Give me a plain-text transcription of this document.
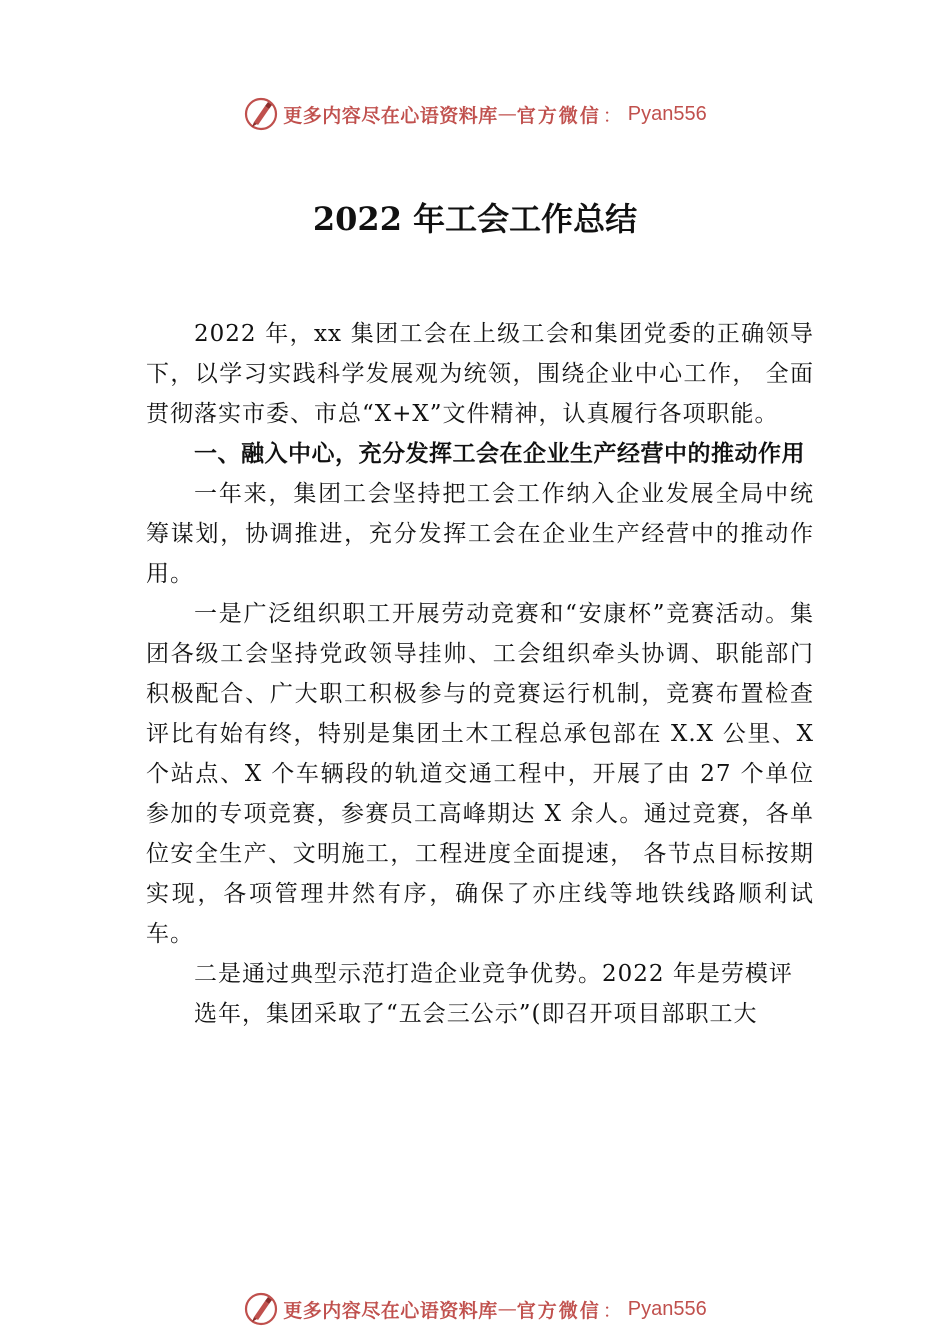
更多内容尽在心语资料库 — 官方微信 ： Pyan556
2022 年工会工作总结

2022 年，xx 集团工会在上级工会和集团党委的正确领导下，以学习实践科学发展观为统领，围绕企业中心工作， 全面贯彻落实市委、市总“X+X”文件精神，认真履行各项职能。

一、融入中心，充分发挥工会在企业生产经营中的推动作用

一年来，集团工会坚持把工会工作纳入企业发展全局中统筹谋划，协调推进，充分发挥工会在企业生产经营中的推动作用。

一是广泛组织职工开展劳动竞赛和“安康杯”竞赛活动。集团各级工会坚持党政领导挂帅、工会组织牵头协调、职能部门积极配合、广大职工积极参与的竞赛运行机制，竞赛布置检查评比有始有终，特别是集团土木工程总承包部在 X.X 公里、X 个站点、X 个车辆段的轨道交通工程中，开展了由 27 个单位参加的专项竞赛，参赛员工高峰期达 X 余人。通过竞赛，各单位安全生产、文明施工，工程进度全面提速， 各节点目标按期实现，各项管理井然有序，确保了亦庄线等地铁线路顺利试车。

二是通过典型示范打造企业竞争优势。2022 年是劳模评

选年，集团采取了“五会三公示”(即召开项目部职工大

更多内容尽在心语资料库 — 官方微信 ： Pyan556
